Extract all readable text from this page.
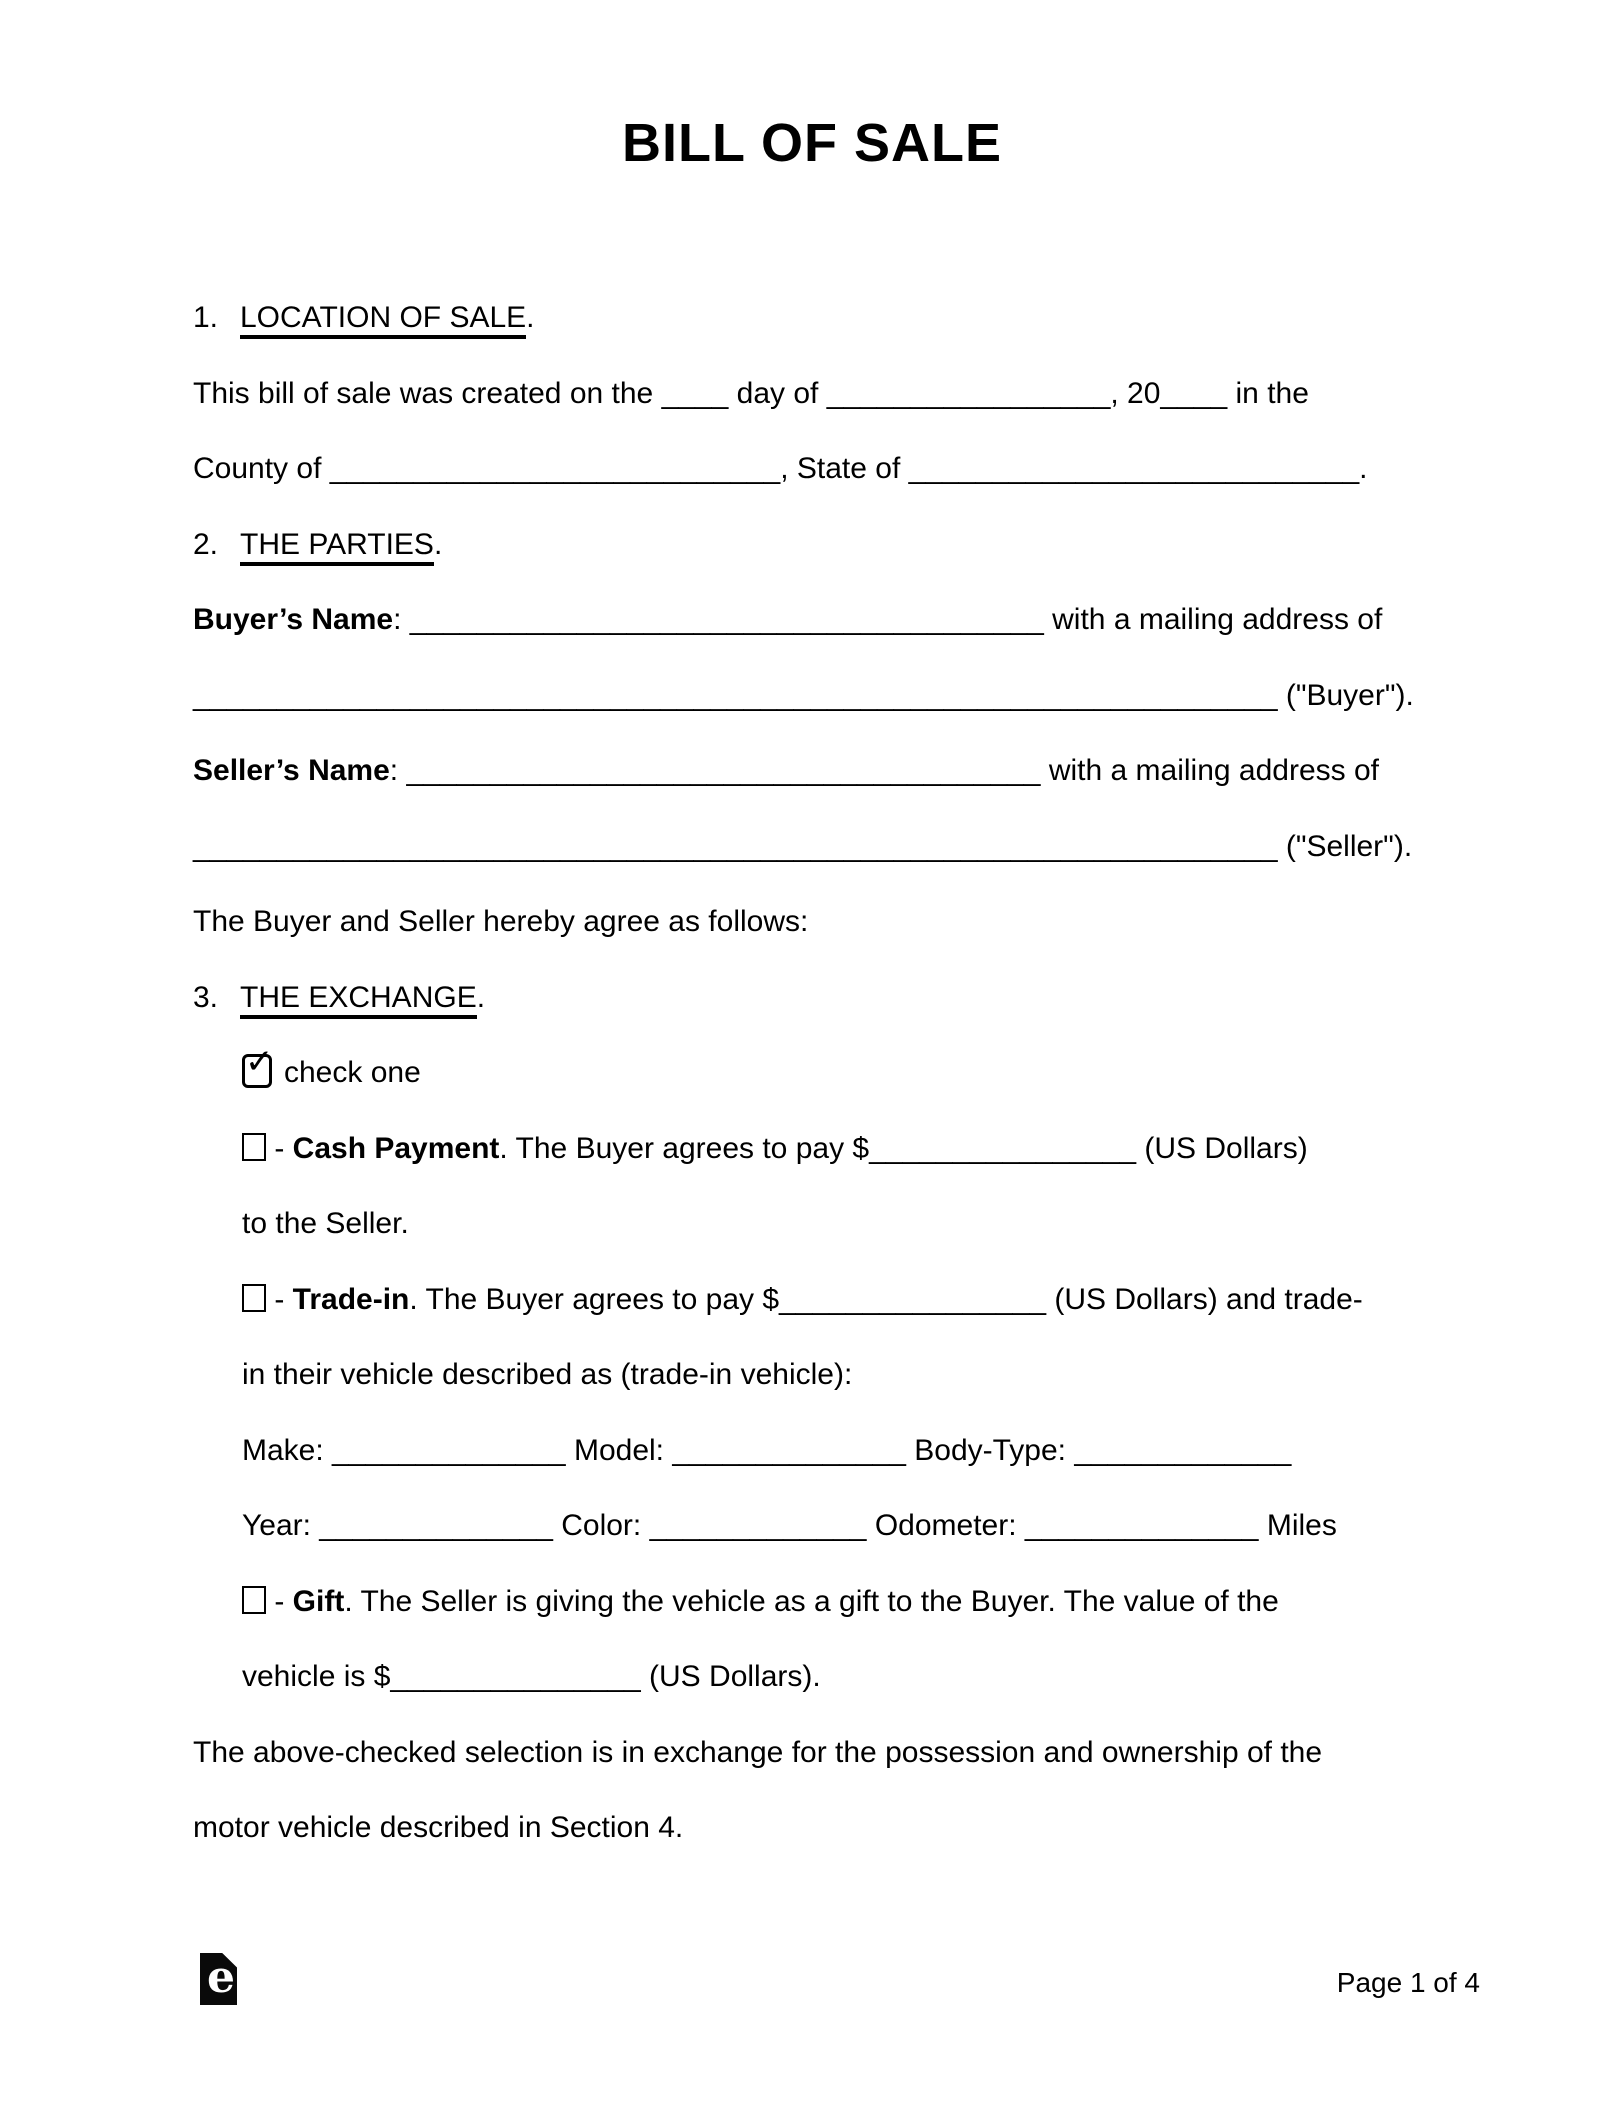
BILL OF SALE
1. LOCATION OF SALE.
This bill of sale was created on the ____ day of _________________, 20____ in the
County of ___________________________, State of ___________________________.
2. THE PARTIES.
Buyer’s Name: ______________________________________ with a mailing address of
_________________________________________________________________ ("Buyer").
Seller’s Name: ______________________________________ with a mailing address of
_________________________________________________________________ ("Seller").
The Buyer and Seller hereby agree as follows:
3. THE EXCHANGE.
✓ check one
- Cash Payment. The Buyer agrees to pay $________________ (US Dollars)
to the Seller.
- Trade-in. The Buyer agrees to pay $________________ (US Dollars) and trade-
in their vehicle described as (trade-in vehicle):
Make: ______________ Model: ______________ Body-Type: _____________
Year: ______________ Color: _____________ Odometer: ______________ Miles
- Gift. The Seller is giving the vehicle as a gift to the Buyer. The value of the
vehicle is $_______________ (US Dollars).
The above-checked selection is in exchange for the possession and ownership of the
motor vehicle described in Section 4.
e	Page 1 of 4
